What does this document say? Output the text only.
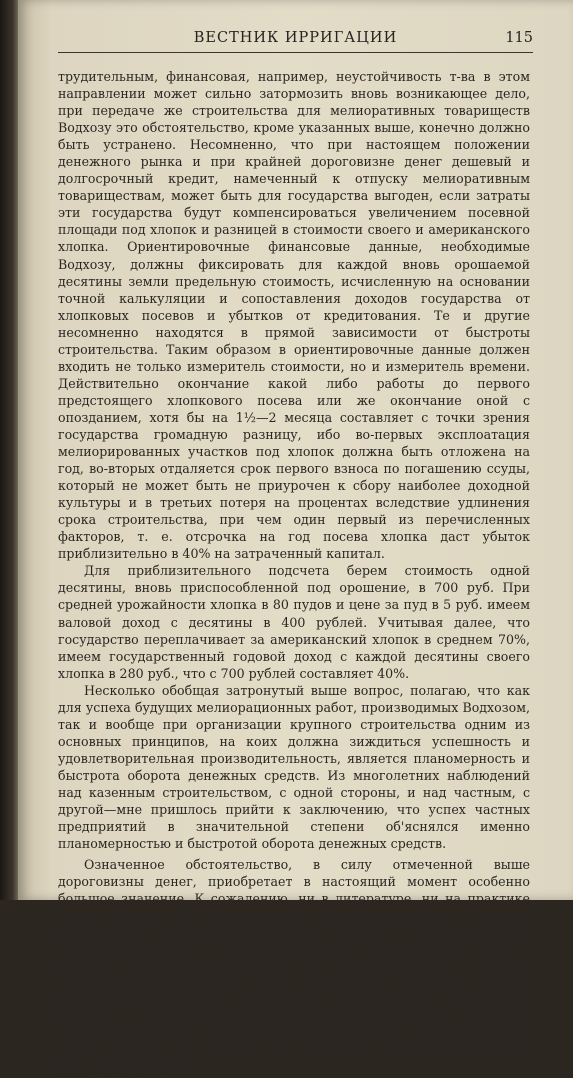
ВЕСТНИК ИРРИГАЦИИ	115

трудительным, финансовая, например, неустойчивость т-ва в этом направлении может сильно затормозить вновь возникающее дело, при передаче же строительства для мелиоративных товариществ Водхозу это обстоятельство, кроме указанных выше, конечно должно быть устранено. Несомненно, что при настоящем положении денежного рынка и при крайней дороговизне денег дешевый и долгосрочный кредит, намеченный к отпуску мелиоративным товариществам, может быть для государства выгоден, если затраты эти государства будут компенсироваться увеличением посевной площади под хлопок и разницей в стоимости своего и американского хлопка. Ориентировочные финансовые данные, необходимые Водхозу, должны фиксировать для каждой вновь орошаемой десятины земли предельную стоимость, исчисленную на основании точной калькуляции и сопоставления доходов государства от хлопковых посевов и убытков от кредитования. Те и другие несомненно находятся в прямой зависимости от быстроты строительства. Таким образом в ориентировочные данные должен входить не только измеритель стоимости, но и измеритель времени. Действительно окончание какой либо работы до первого предстоящего хлопкового посева или же окончание оной с опозданием, хотя бы на 1½—2 месяца составляет с точки зрения государства громадную разницу, ибо во-первых эксплоатация мелиорированных участков под хлопок должна быть отложена на год, во-вторых отдаляется срок первого взноса по погашению ссуды, который не может быть не приурочен к сбору наиболее доходной культуры и в третьих потеря на процентах вследствие удлинения срока строительства, при чем один первый из перечисленных факторов, т. е. отсрочка на год посева хлопка даст убыток приблизительно в 40% на затраченный капитал.

Для приблизительного подсчета берем стоимость одной десятины, вновь приспособленной под орошение, в 700 руб. При средней урожайности хлопка в 80 пудов и цене за пуд в 5 руб. имеем валовой доход с десятины в 400 рублей. Учитывая далее, что государство переплачивает за американский хлопок в среднем 70%, имеем государственный годовой доход с каждой десятины своего хлопка в 280 руб., что с 700 рублей составляет 40%.

Несколько обобщая затронутый выше вопрос, полагаю, что как для успеха будущих мелиорационных работ, производимых Водхозом, так и вообще при организации крупного строительства одним из основных принципов, на коих должна зиждиться успешность и удовлетворительная производительность, является планомерность и быстрота оборота денежных средств. Из многолетних наблюдений над казенным строительством, с одной стороны, и над частным, с другой—мне пришлось прийти к заключению, что успех частных предприятий в значительной степени об'яснялся именно планомерностью и быстротой оборота денежных средств.

Означенное обстоятельство, в силу отмеченной выше дороговизны денег, приобретает в настоящий момент особенно большое значение. К сожалению, ни в литературе, ни на практике этому вопросу не уделяется должного внимания. В наших крупнейших предприятиях мы уже имеем, с одной стороны, применение иногда и довольно мелочного хронометража труда, с другой стороны—хаотический и необследуемый порядок передвижения денежных сумм, являющихся основным нервом каждого хозяйственного предприятия. Корень зла тут несомненно кроется в недостаточной определенности финансового положения наших учреждений. Сроки для утверждения смет, для кредитования и для высылки денег крайне неопределенны. Средства появляются обыкновенно для уч-
